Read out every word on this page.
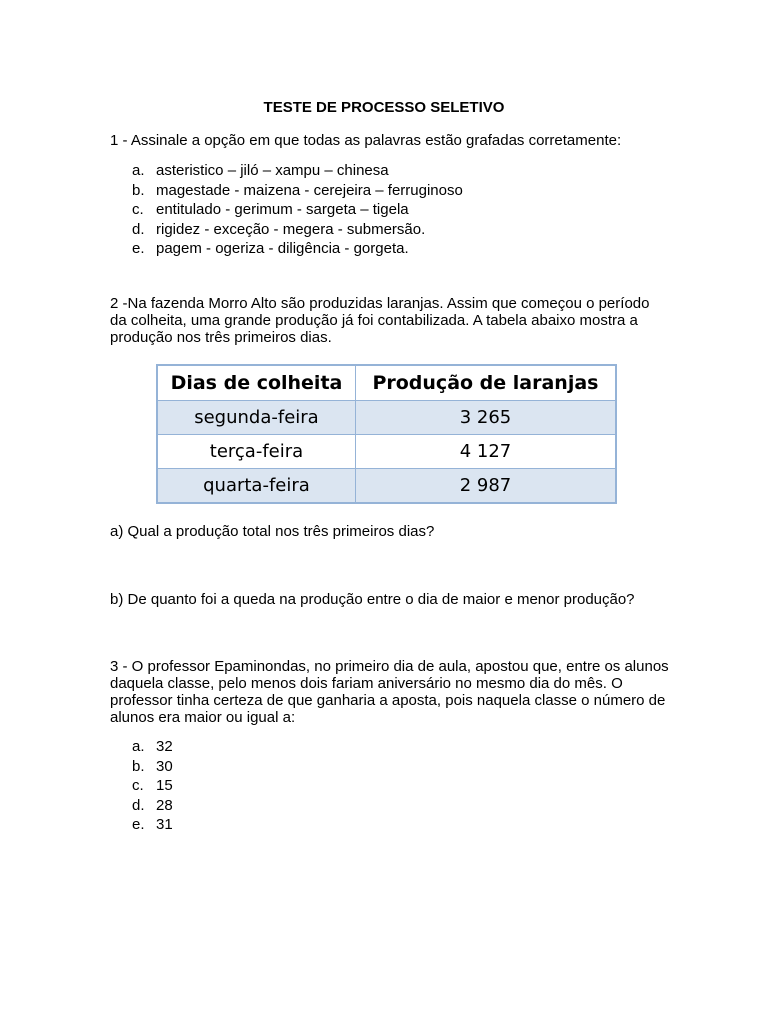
TESTE DE PROCESSO SELETIVO

1 - Assinale a opção em que todas as palavras estão grafadas corretamente:

a. asteristico – jiló – xampu – chinesa
b. magestade - maizena - cerejeira – ferruginoso
c. entitulado - gerimum - sargeta – tigela
d. rigidez - exceção - megera - submersão.
e. pagem - ogeriza - diligência - gorgeta.

2 -Na fazenda Morro Alto são produzidas laranjas. Assim que começou o período da colheita, uma grande produção já foi contabilizada. A tabela abaixo mostra a produção nos três primeiros dias.

Dias de colheita	Produção de laranjas
segunda-feira	3 265
terça-feira	4 127
quarta-feira	2 987

a) Qual a produção total nos três primeiros dias?

b) De quanto foi a queda na produção entre o dia de maior e menor produção?

3 - O professor Epaminondas, no primeiro dia de aula, apostou que, entre os alunos daquela classe, pelo menos dois fariam aniversário no mesmo dia do mês. O professor tinha certeza de que ganharia a aposta, pois naquela classe o número de alunos era maior ou igual a:

a. 32
b. 30
c. 15
d. 28
e. 31
